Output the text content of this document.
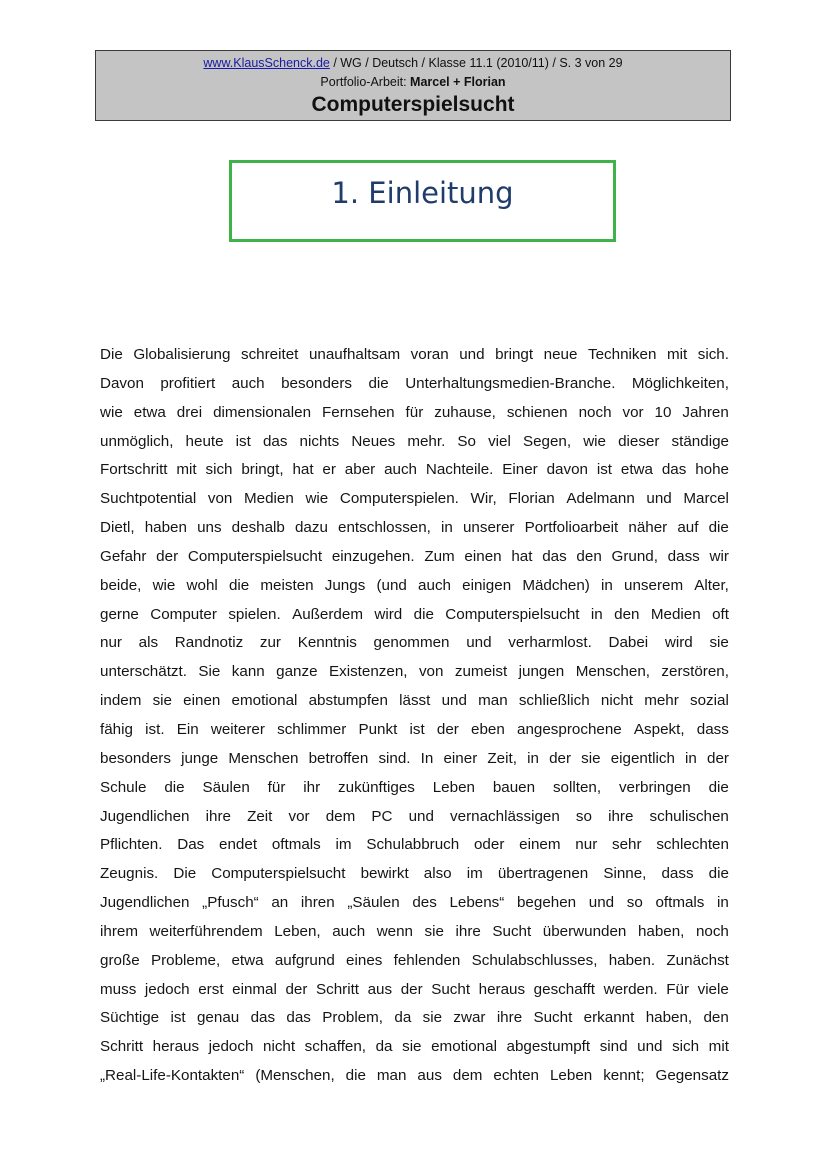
www.KlausSchenck.de / WG / Deutsch / Klasse 11.1 (2010/11) / S. 3 von 29
Portfolio-Arbeit: Marcel + Florian
Computerspielsucht
1. Einleitung
Die Globalisierung schreitet unaufhaltsam voran und bringt neue Techniken mit sich.
Davon profitiert auch besonders die Unterhaltungsmedien-Branche. Möglichkeiten,
wie etwa drei dimensionalen Fernsehen für zuhause, schienen noch vor 10 Jahren
unmöglich, heute ist das nichts Neues mehr. So viel Segen, wie dieser ständige
Fortschritt mit sich bringt, hat er aber auch Nachteile. Einer davon ist etwa das hohe
Suchtpotential von Medien wie Computerspielen. Wir, Florian Adelmann und Marcel
Dietl, haben uns deshalb dazu entschlossen, in unserer Portfolioarbeit näher auf die
Gefahr der Computerspielsucht einzugehen. Zum einen hat das den Grund, dass wir
beide, wie wohl die meisten Jungs (und auch einigen Mädchen) in unserem Alter,
gerne Computer spielen. Außerdem wird die Computerspielsucht in den Medien oft
nur als Randnotiz zur Kenntnis genommen und verharmlost. Dabei wird sie
unterschätzt. Sie kann ganze Existenzen, von zumeist jungen Menschen, zerstören,
indem sie einen emotional abstumpfen lässt und man schließlich nicht mehr sozial
fähig ist. Ein weiterer schlimmer Punkt ist der eben angesprochene Aspekt, dass
besonders junge Menschen betroffen sind. In einer Zeit, in der sie eigentlich in der
Schule die Säulen für ihr zukünftiges Leben bauen sollten, verbringen die
Jugendlichen ihre Zeit vor dem PC und vernachlässigen so ihre schulischen
Pflichten. Das endet oftmals im Schulabbruch oder einem nur sehr schlechten
Zeugnis. Die Computerspielsucht bewirkt also im übertragenen Sinne, dass die
Jugendlichen „Pfusch“ an ihren „Säulen des Lebens“ begehen und so oftmals in
ihrem weiterführendem Leben, auch wenn sie ihre Sucht überwunden haben, noch
große Probleme, etwa aufgrund eines fehlenden Schulabschlusses, haben. Zunächst
muss jedoch erst einmal der Schritt aus der Sucht heraus geschafft werden. Für viele
Süchtige ist genau das das Problem, da sie zwar ihre Sucht erkannt haben, den
Schritt heraus jedoch nicht schaffen, da sie emotional abgestumpft sind und sich mit
„Real-Life-Kontakten“ (Menschen, die man aus dem echten Leben kennt; Gegensatz
